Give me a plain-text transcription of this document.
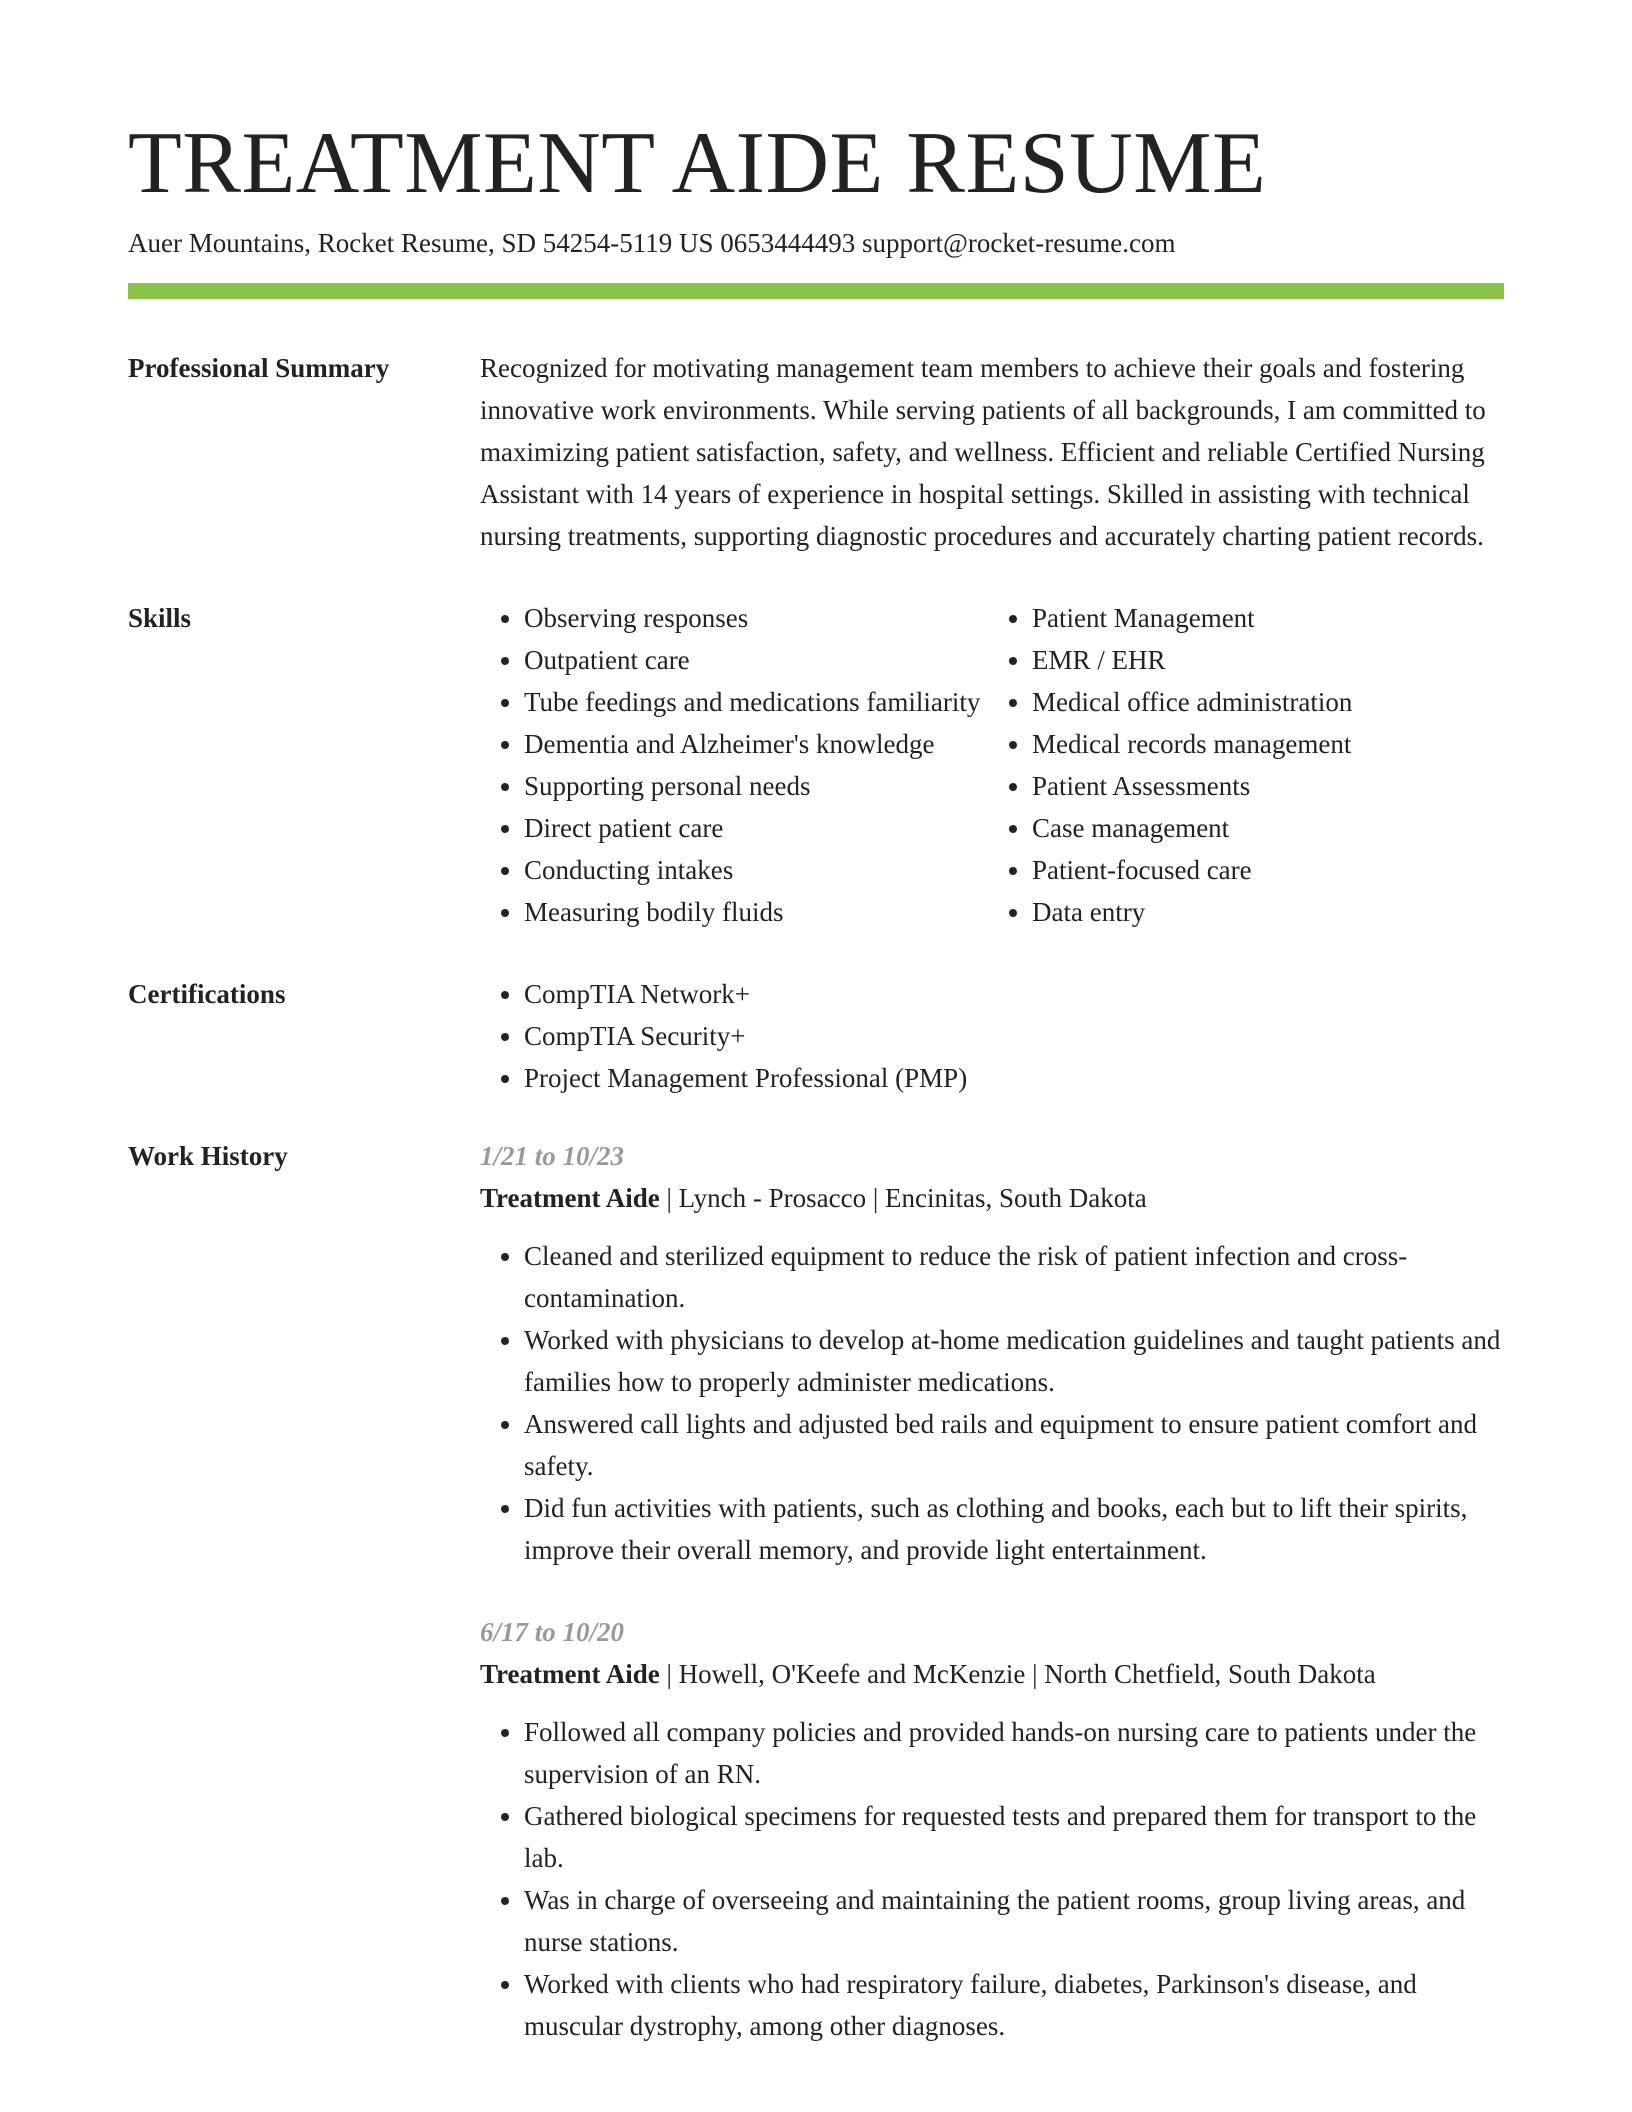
TREATMENT AIDE RESUME
Auer Mountains, Rocket Resume, SD 54254-5119 US 0653444493 support@rocket-resume.com
Professional Summary	Recognized for motivating management team members to achieve their goals and fostering innovative work environments. While serving patients of all backgrounds, I am committed to maximizing patient satisfaction, safety, and wellness. Efficient and reliable Certified Nursing Assistant with 14 years of experience in hospital settings. Skilled in assisting with technical nursing treatments, supporting diagnostic procedures and accurately charting patient records.

Skills	• Observing responses
• Outpatient care
• Tube feedings and medications familiarity
• Dementia and Alzheimer's knowledge
• Supporting personal needs
• Direct patient care
• Conducting intakes
• Measuring bodily fluids
• Patient Management
• EMR / EHR
• Medical office administration
• Medical records management
• Patient Assessments
• Case management
• Patient-focused care
• Data entry
Certifications	• CompTIA Network+
• CompTIA Security+
• Project Management Professional (PMP)
Work History	1/21 to 10/23
Treatment Aide | Lynch - Prosacco | Encinitas, South Dakota
• Cleaned and sterilized equipment to reduce the risk of patient infection and cross-contamination.
• Worked with physicians to develop at-home medication guidelines and taught patients and families how to properly administer medications.
• Answered call lights and adjusted bed rails and equipment to ensure patient comfort and safety.
• Did fun activities with patients, such as clothing and books, each but to lift their spirits, improve their overall memory, and provide light entertainment.
6/17 to 10/20
Treatment Aide | Howell, O'Keefe and McKenzie | North Chetfield, South Dakota
• Followed all company policies and provided hands-on nursing care to patients under the supervision of an RN.
• Gathered biological specimens for requested tests and prepared them for transport to the lab.
• Was in charge of overseeing and maintaining the patient rooms, group living areas, and nurse stations.
• Worked with clients who had respiratory failure, diabetes, Parkinson's disease, and muscular dystrophy, among other diagnoses.
